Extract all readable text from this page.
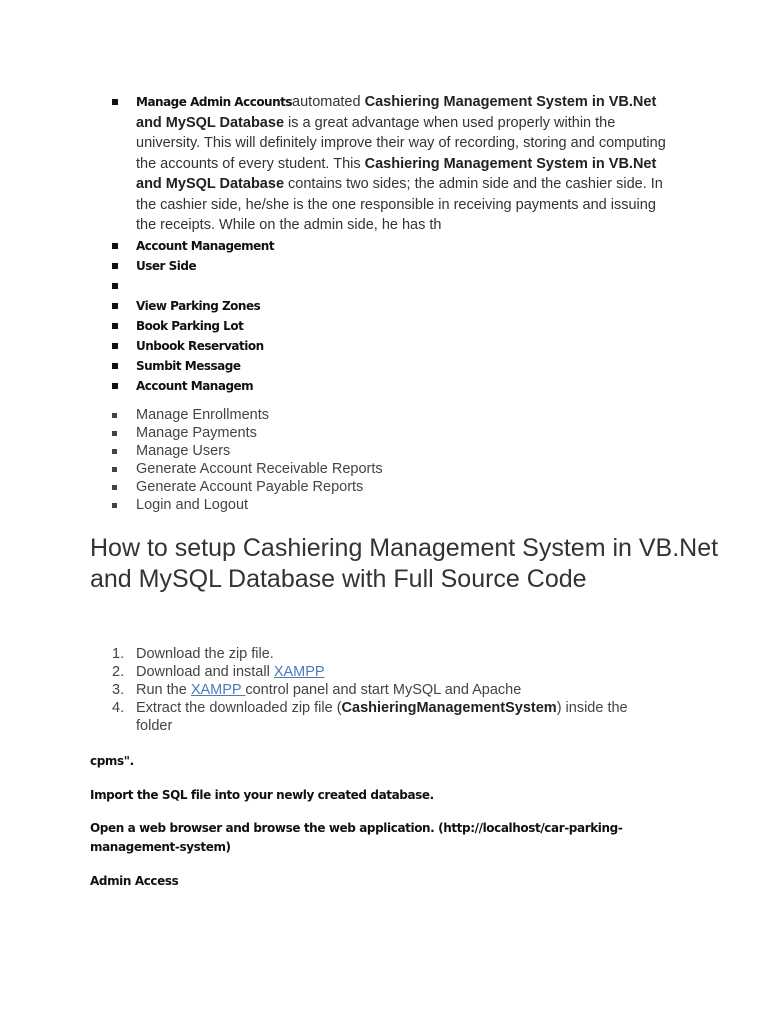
Manage Admin Accountsautomated Cashiering Management System in VB.Net and MySQL Database is a great advantage when used properly within the university. This will definitely improve their way of recording, storing and computing the accounts of every student. This Cashiering Management System in VB.Net and MySQL Database contains two sides; the admin side and the cashier side. In the cashier side, he/she is the one responsible in receiving payments and issuing the receipts. While on the admin side, he has th
Account Management
User Side
View Parking Zones
Book Parking Lot
Unbook Reservation
Sumbit Message
Account Managem
Manage Enrollments
Manage Payments
Manage Users
Generate Account Receivable Reports
Generate Account Payable Reports
Login and Logout
How to setup Cashiering Management System in VB.Net and MySQL Database with Full Source Code
1. Download the zip file.
2. Download and install XAMPP
3. Run the XAMPP control panel and start MySQL and Apache
4. Extract the downloaded zip file (CashieringManagementSystem) inside the folder
cpms".
Import the SQL file into your newly created database.
Open a web browser and browse the web application. (http://localhost/car-parking-management-system)
Admin Access
